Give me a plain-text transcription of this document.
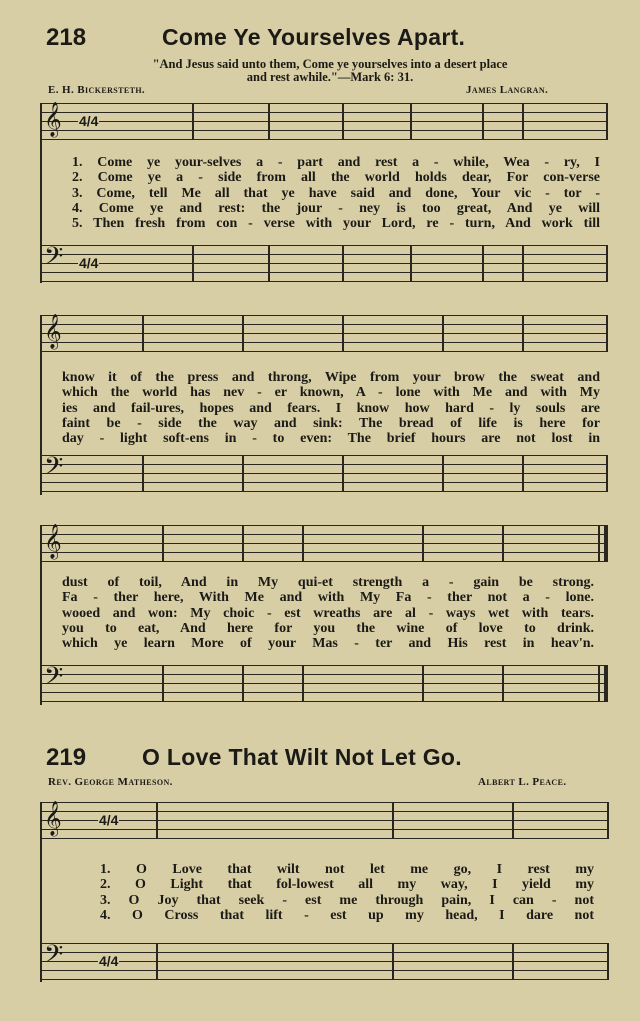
218	Come Ye Yourselves Apart.
"And Jesus said unto them, Come ye yourselves into a desert place
and rest awhile."—Mark 6: 31.
E. H. Bickersteth.	James Langran.
𝄞 4/4
1. Come ye your-selves a - part and rest a - while, Wea - ry, I
2. Come ye a - side from all the world holds dear, For con-verse
3. Come, tell Me all that ye have said and done, Your vic - tor -
4. Come ye and rest: the jour - ney is too great, And ye will
5. Then fresh from con - verse with your Lord, re - turn, And work till
𝄢 4/4
𝄞
know it of the press and throng, Wipe from your brow the sweat and
which the world has nev - er known, A - lone with Me and with My
ies and fail-ures, hopes and fears. I know how hard - ly souls are
faint be - side the way and sink: The bread of life is here for
day - light soft-ens in - to even: The brief hours are not lost in
𝄢
𝄞
dust of toil, And in My qui-et strength a - gain be strong.
Fa - ther here, With Me and with My Fa - ther not a - lone.
wooed and won: My choic - est wreaths are al - ways wet with tears.
you to eat, And here for you the wine of love to drink.
which ye learn More of your Mas - ter and His rest in heav'n.
𝄢
219 O Love That Wilt Not Let Go.
Rev. George Matheson.	Albert L. Peace.
𝄞	4/4
1. O Love that wilt not let me go, I rest my
2. O Light that fol-lowest all my way, I yield my
3. O Joy that seek - est me through pain, I can - not
4. O Cross that lift - est up my head, I dare not
𝄢	4/4
